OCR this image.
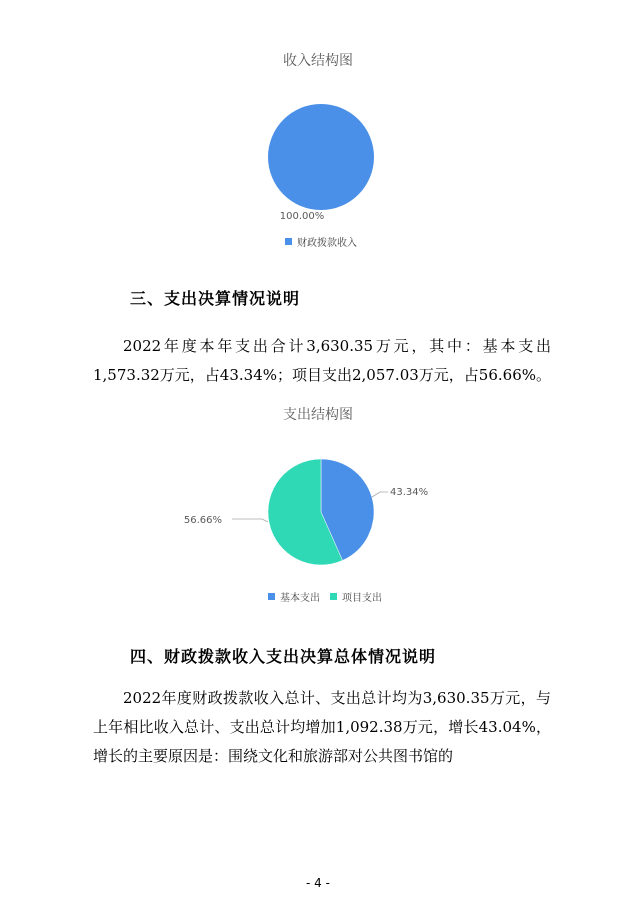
收入结构图
100.00%
财政拨款收入
三、支出决算情况说明
2022年度本年支出合计3,630.35万元，其中：基本支出1,573.32万元，占43.34%；项目支出2,057.03万元，占56.66%。
支出结构图
43.34%
56.66%
基本支出 项目支出
四、财政拨款收入支出决算总体情况说明
2022年度财政拨款收入总计、支出总计均为3,630.35万元，与上年相比收入总计、支出总计均增加1,092.38万元，增长43.04%，增长的主要原因是：围绕文化和旅游部对公共图书馆的
- 4 -
